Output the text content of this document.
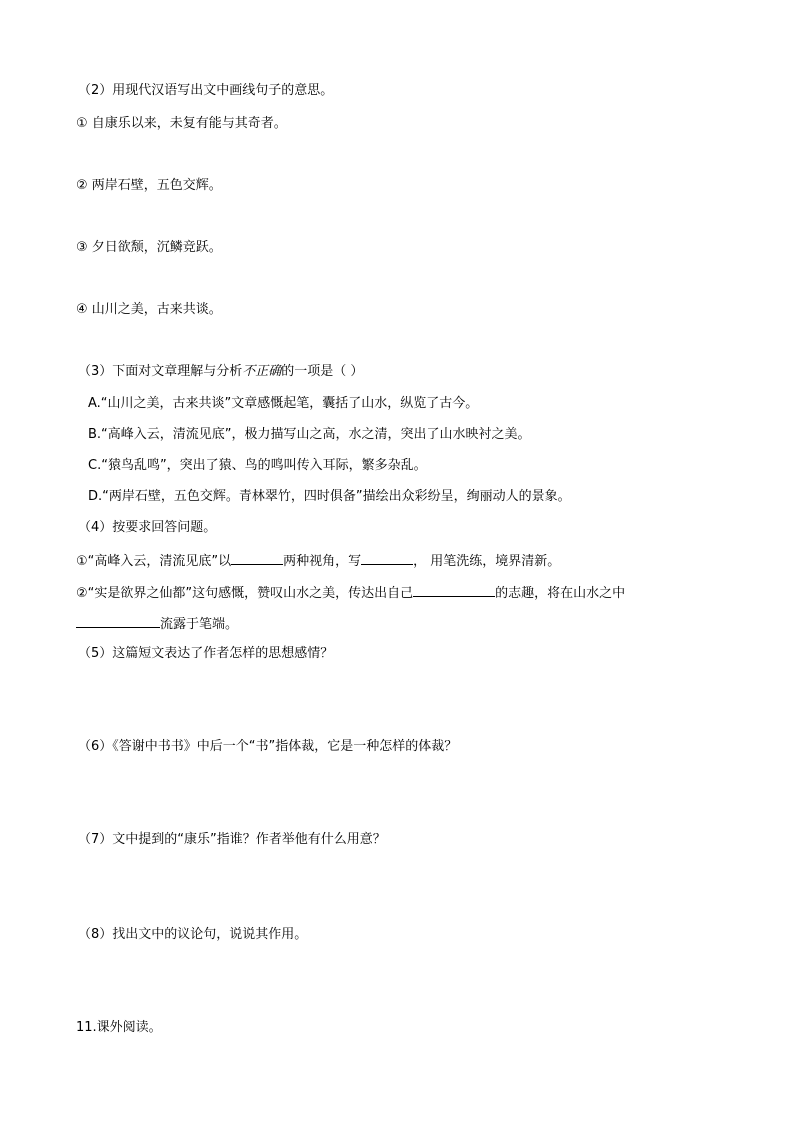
（2）用现代汉语写出文中画线句子的意思。
① 自康乐以来，未复有能与其奇者。
② 两岸石壁，五色交辉。
③ 夕日欲颓，沉鳞竞跃。
④ 山川之美，古来共谈。
（3）下面对文章理解与分析不正确的一项是（ ）
A.“山川之美，古来共谈”文章感慨起笔，囊括了山水，纵览了古今。
B.“高峰入云，清流见底”，极力描写山之高，水之清，突出了山水映衬之美。
C.“猿鸟乱鸣”，突出了猿、鸟的鸣叫传入耳际，繁多杂乱。
D.“两岸石壁，五色交辉。青林翠竹，四时俱备”描绘出众彩纷呈，绚丽动人的景象。
（4）按要求回答问题。
①“高峰入云，清流见底”以	两种视角，写	， 用笔洗练，境界清新。
②“实是欲界之仙都”这句感慨，赞叹山水之美，传达出自己	的志趣，将在山水之中
流露于笔端。
（5）这篇短文表达了作者怎样的思想感情？
（6）《答谢中书书》中后一个“书”指体裁，它是一种怎样的体裁？
（7）文中提到的“康乐”指谁？作者举他有什么用意？
（8）找出文中的议论句，说说其作用。
11.课外阅读。
